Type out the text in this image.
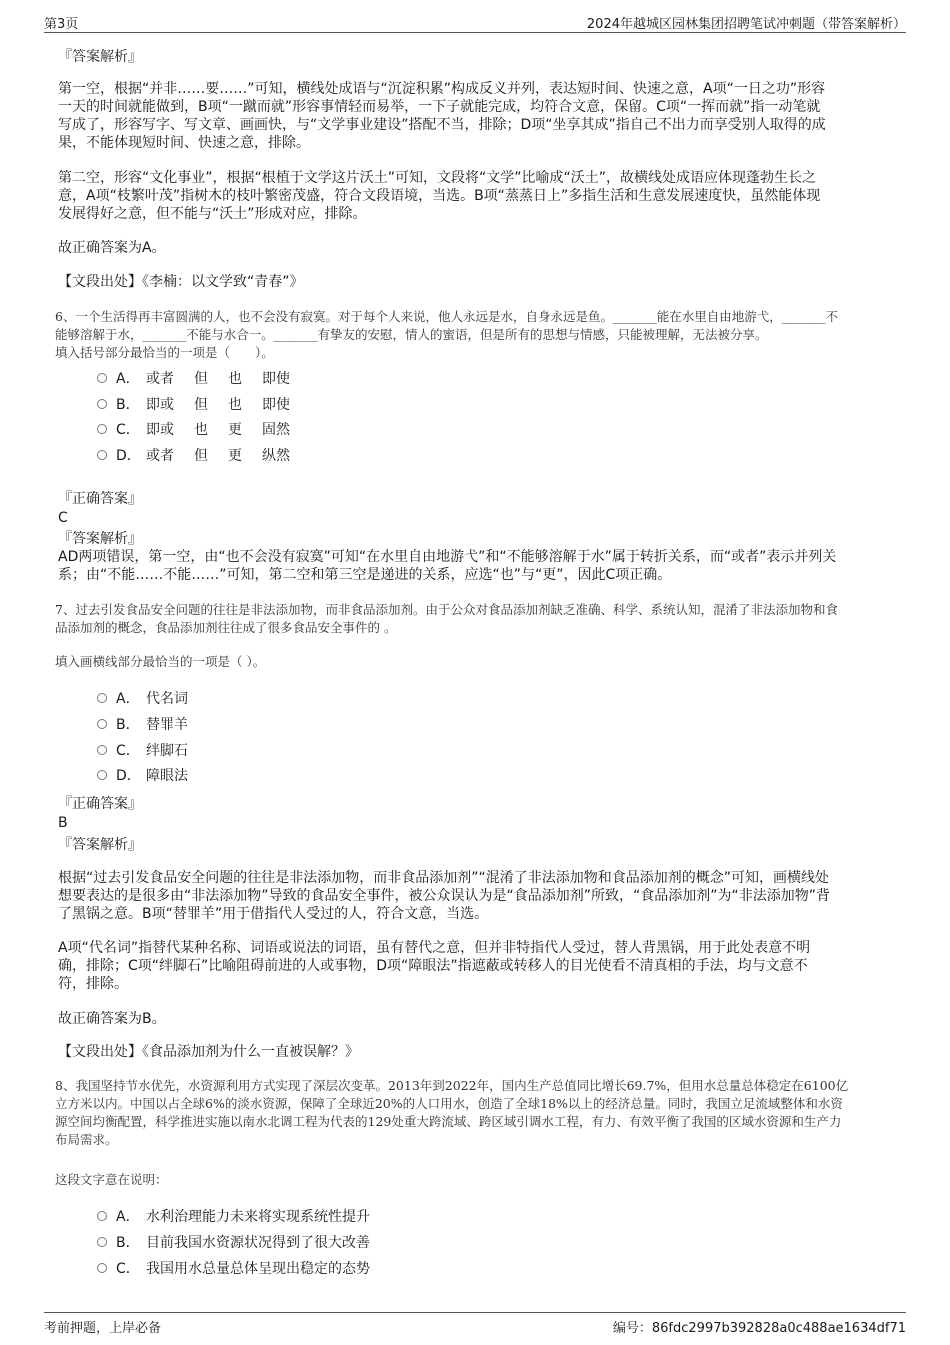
第3页	2024年越城区园林集团招聘笔试冲刺题（带答案解析）
『答案解析』
第一空，根据“并非……要……”可知，横线处成语与“沉淀积累”构成反义并列，表达短时间、快速之意，A项“一日之功”形容
一天的时间就能做到，B项“一蹴而就”形容事情轻而易举，一下子就能完成，均符合文意，保留。C项“一挥而就”指一动笔就
写成了，形容写字、写文章、画画快，与“文学事业建设”搭配不当，排除；D项“坐享其成”指自己不出力而享受别人取得的成
果，不能体现短时间、快速之意，排除。
第二空，形容“文化事业”，根据“根植于文学这片沃土”可知，文段将“文学”比喻成“沃土”，故横线处成语应体现蓬勃生长之
意，A项“枝繁叶茂”指树木的枝叶繁密茂盛，符合文段语境，当选。B项“蒸蒸日上”多指生活和生意发展速度快，虽然能体现
发展得好之意，但不能与“沃土”形成对应，排除。
故正确答案为A。
【文段出处】《李楠：以文学致“青春”》
6、一个生活得再丰富圆满的人，也不会没有寂寞。对于每个人来说，他人永远是水，自身永远是鱼。_______能在水里自由地游弋，_______不
能够溶解于水，_______不能与水合一。_______有挚友的安慰，情人的蜜语，但是所有的思想与情感，只能被理解，无法被分享。
填入括号部分最恰当的一项是（　　）。
A． 或者 但 也 即使
B． 即或 但 也 即使
C． 即或 也 更 固然
D． 或者 但 更 纵然
『正确答案』
C
『答案解析』
AD两项错误，第一空，由“也不会没有寂寞”可知“在水里自由地游弋”和“不能够溶解于水”属于转折关系，而“或者”表示并列关
系；由“不能……不能……”可知，第二空和第三空是递进的关系，应选“也”与“更”，因此C项正确。
7、过去引发食品安全问题的往往是非法添加物，而非食品添加剂。由于公众对食品添加剂缺乏准确、科学、系统认知，混淆了非法添加物和食
品添加剂的概念，食品添加剂往往成了很多食品安全事件的 。
填入画横线部分最恰当的一项是（ ）。
A． 代名词
B． 替罪羊
C． 绊脚石
D． 障眼法
『正确答案』
B
『答案解析』
根据“过去引发食品安全问题的往往是非法添加物，而非食品添加剂”“混淆了非法添加物和食品添加剂的概念”可知，画横线处
想要表达的是很多由“非法添加物”导致的食品安全事件，被公众误认为是“食品添加剂”所致，“食品添加剂”为“非法添加物”背
了黑锅之意。B项“替罪羊”用于借指代人受过的人，符合文意，当选。
A项“代名词”指替代某种名称、词语或说法的词语，虽有替代之意，但并非特指代人受过，替人背黑锅，用于此处表意不明
确，排除；C项“绊脚石”比喻阻碍前进的人或事物，D项“障眼法”指遮蔽或转移人的目光使看不清真相的手法，均与文意不
符，排除。
故正确答案为B。
【文段出处】《食品添加剂为什么一直被误解？》
8、我国坚持节水优先，水资源利用方式实现了深层次变革。2013年到2022年，国内生产总值同比增长69.7%，但用水总量总体稳定在6100亿
立方米以内。中国以占全球6%的淡水资源，保障了全球近20%的人口用水，创造了全球18%以上的经济总量。同时，我国立足流域整体和水资
源空间均衡配置，科学推进实施以南水北调工程为代表的129处重大跨流域、跨区域引调水工程，有力、有效平衡了我国的区域水资源和生产力
布局需求。
这段文字意在说明：
A． 水利治理能力未来将实现系统性提升
B． 目前我国水资源状况得到了很大改善
C． 我国用水总量总体呈现出稳定的态势
考前押题，上岸必备	编号：86fdc2997b392828a0c488ae1634df71
